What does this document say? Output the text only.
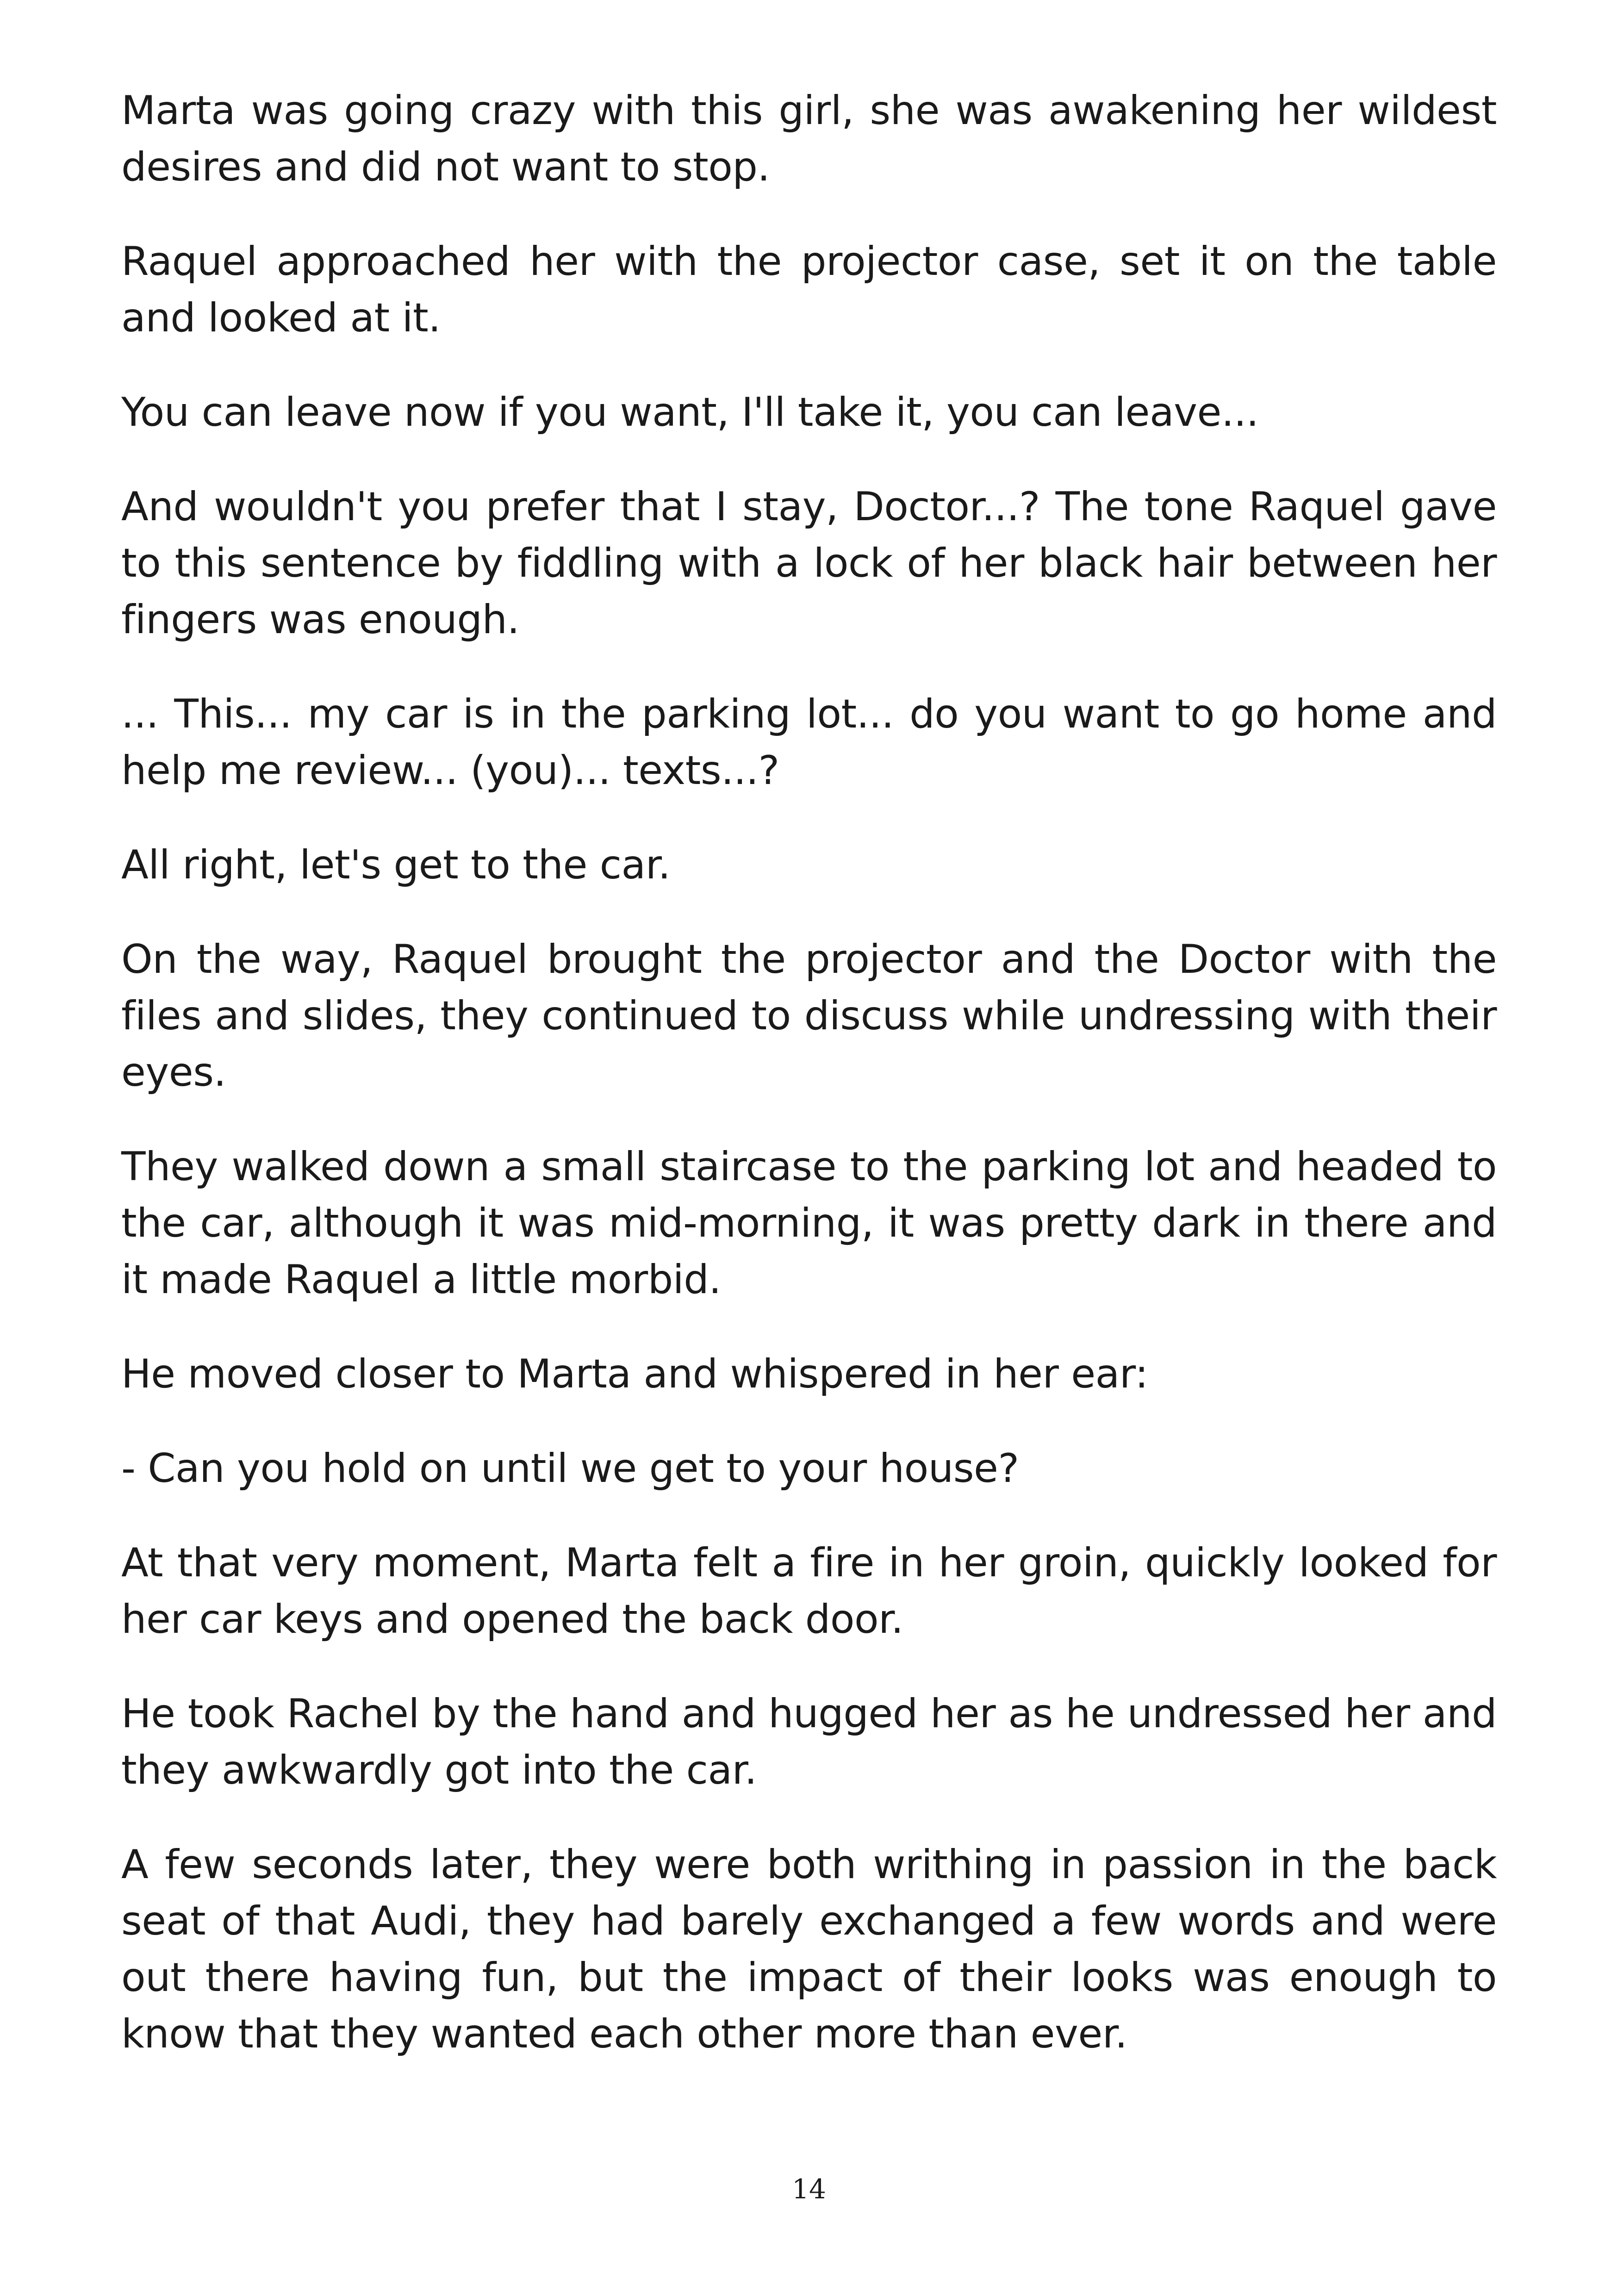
Marta was going crazy with this girl, she was awakening her wildest desires and did not want to stop.

Raquel approached her with the projector case, set it on the table and looked at it.

You can leave now if you want, I'll take it, you can leave...

And wouldn't you prefer that I stay, Doctor...? The tone Raquel gave to this sentence by fiddling with a lock of her black hair between her fingers was enough.

... This... my car is in the parking lot... do you want to go home and help me review... (you)... texts...?

All right, let's get to the car.

On the way, Raquel brought the projector and the Doctor with the files and slides, they continued to discuss while undressing with their eyes.

They walked down a small staircase to the parking lot and headed to the car, although it was mid-morning, it was pretty dark in there and it made Raquel a little morbid.

He moved closer to Marta and whispered in her ear:

- Can you hold on until we get to your house?

At that very moment, Marta felt a fire in her groin, quickly looked for her car keys and opened the back door.

He took Rachel by the hand and hugged her as he undressed her and they awkwardly got into the car.

A few seconds later, they were both writhing in passion in the back seat of that Audi, they had barely exchanged a few words and were out there having fun, but the impact of their looks was enough to know that they wanted each other more than ever.

14
